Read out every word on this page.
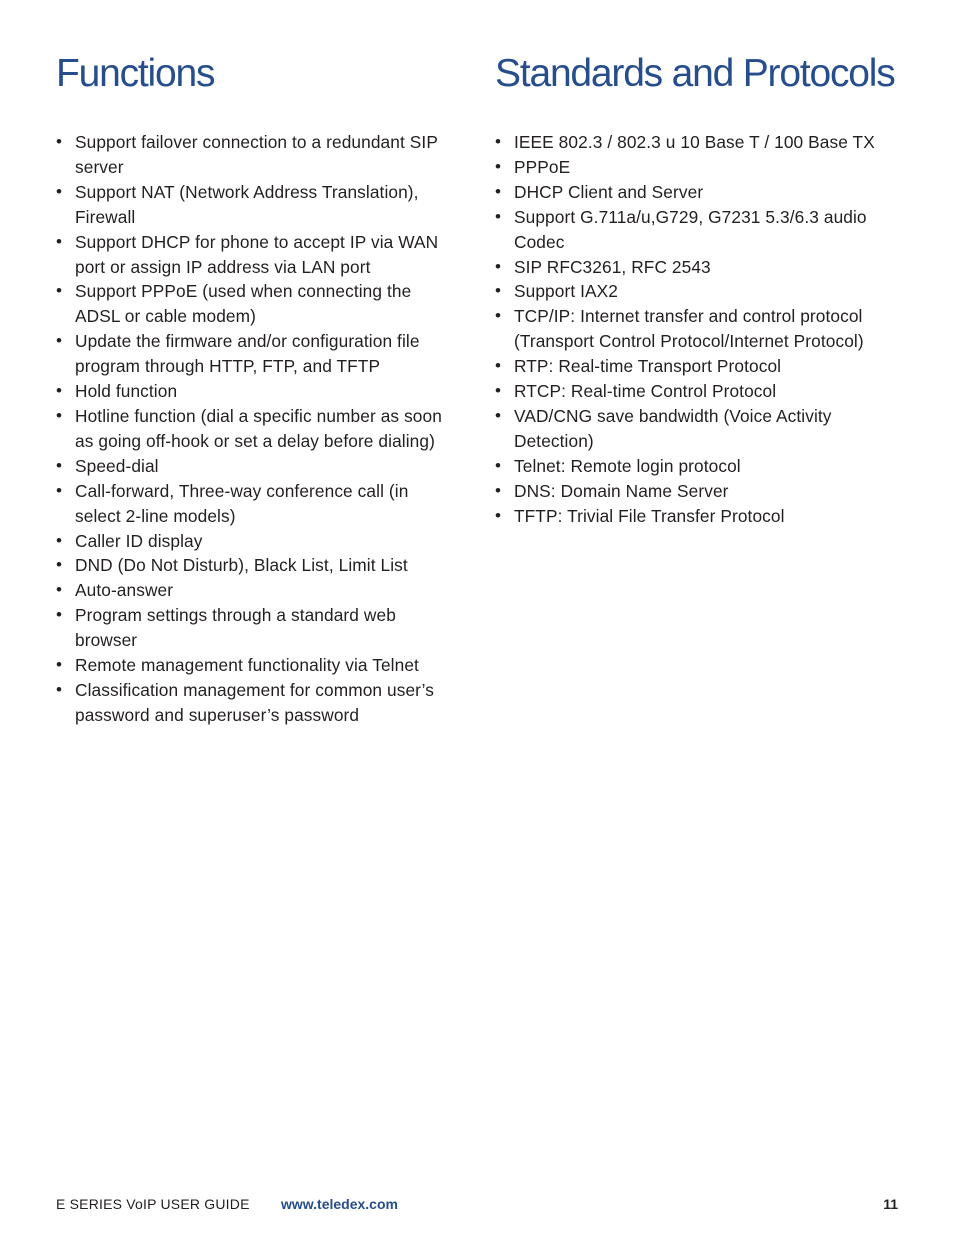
Functions
• Support failover connection to a redundant SIP server
• Support NAT (Network Address Translation), Firewall
• Support DHCP for phone to accept IP via WAN port or assign IP address via LAN port
• Support PPPoE (used when connecting the ADSL or cable modem)
• Update the firmware and/or configuration file program through HTTP, FTP, and TFTP
• Hold function
• Hotline function (dial a specific number as soon as going off-hook or set a delay before dialing)
• Speed-dial
• Call-forward, Three-way conference call (in select 2-line models)
• Caller ID display
• DND (Do Not Disturb), Black List, Limit List
• Auto-answer
• Program settings through a standard web browser
• Remote management functionality via Telnet
• Classification management for common user’s password and superuser’s password
Standards and Protocols
• IEEE 802.3 / 802.3 u 10 Base T / 100 Base TX
• PPPoE
• DHCP Client and Server
• Support G.711a/u,G729, G7231 5.3/6.3 audio Codec
• SIP RFC3261, RFC 2543
• Support IAX2
• TCP/IP: Internet transfer and control protocol (Transport Control Protocol/Internet Protocol)
• RTP: Real-time Transport Protocol
• RTCP: Real-time Control Protocol
• VAD/CNG save bandwidth (Voice Activity Detection)
• Telnet: Remote login protocol
• DNS: Domain Name Server
• TFTP: Trivial File Transfer Protocol
E SERIES VoIP USER GUIDE www.teledex.com	11
